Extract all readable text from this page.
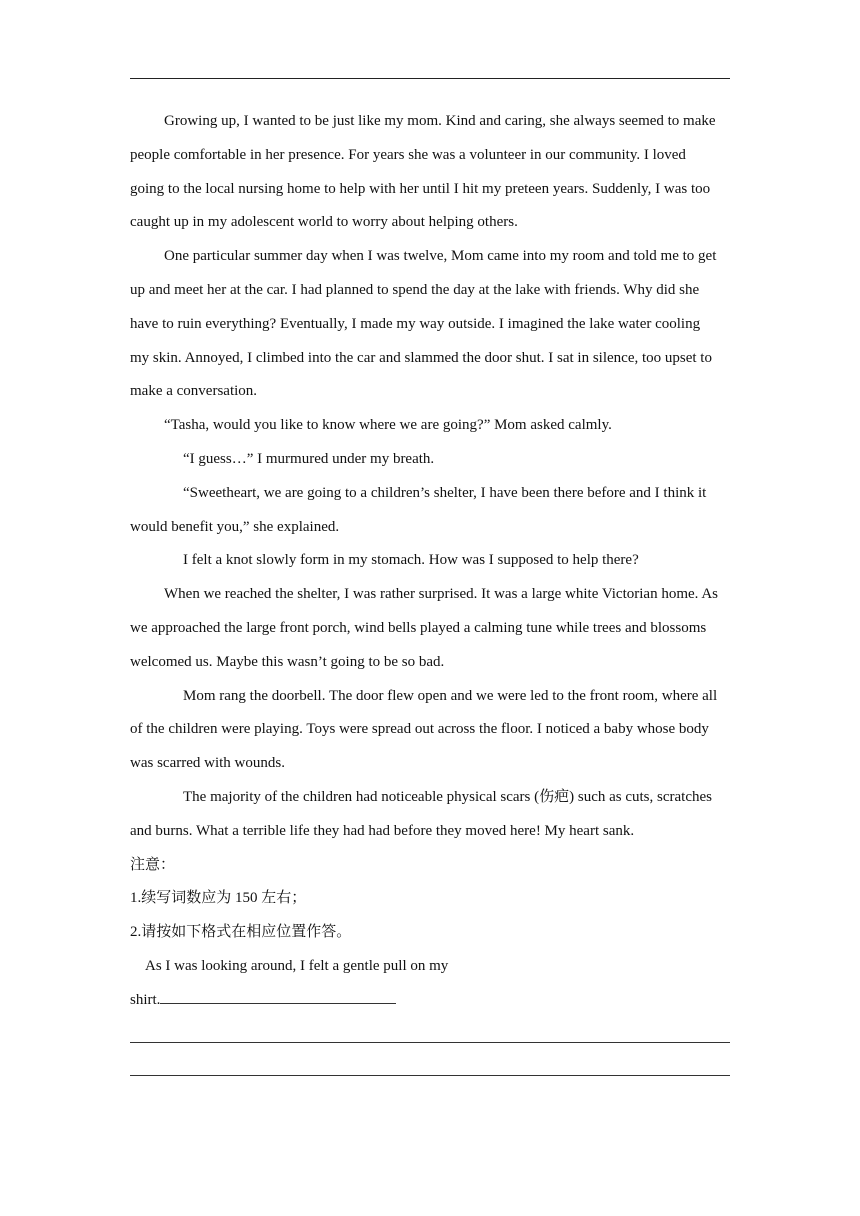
Growing up, I wanted to be just like my mom. Kind and caring, she always seemed to make
people comfortable in her presence. For years she was a volunteer in our community. I loved
going to the local nursing home to help with her until I hit my preteen years. Suddenly, I was too
caught up in my adolescent world to worry about helping others.
One particular summer day when I was twelve, Mom came into my room and told me to get
up and meet her at the car. I had planned to spend the day at the lake with friends. Why did she
have to ruin everything? Eventually, I made my way outside. I imagined the lake water cooling
my skin. Annoyed, I climbed into the car and slammed the door shut. I sat in silence, too upset to
make a conversation.
“Tasha, would you like to know where we are going?” Mom asked calmly.
“I guess…” I murmured under my breath.
“Sweetheart, we are going to a children’s shelter, I have been there before and I think it
would benefit you,” she explained.
I felt a knot slowly form in my stomach. How was I supposed to help there?
When we reached the shelter, I was rather surprised. It was a large white Victorian home. As
we approached the large front porch, wind bells played a calming tune while trees and blossoms
welcomed us. Maybe this wasn’t going to be so bad.
Mom rang the doorbell. The door flew open and we were led to the front room, where all
of the children were playing. Toys were spread out across the floor. I noticed a baby whose body
was scarred with wounds.
The majority of the children had noticeable physical scars (伤疤) such as cuts, scratches
and burns. What a terrible life they had had before they moved here! My heart sank.
注意：
1.续写词数应为 150 左右；
2.请按如下格式在相应位置作答。
As I was looking around, I felt a gentle pull on my
shirt.
